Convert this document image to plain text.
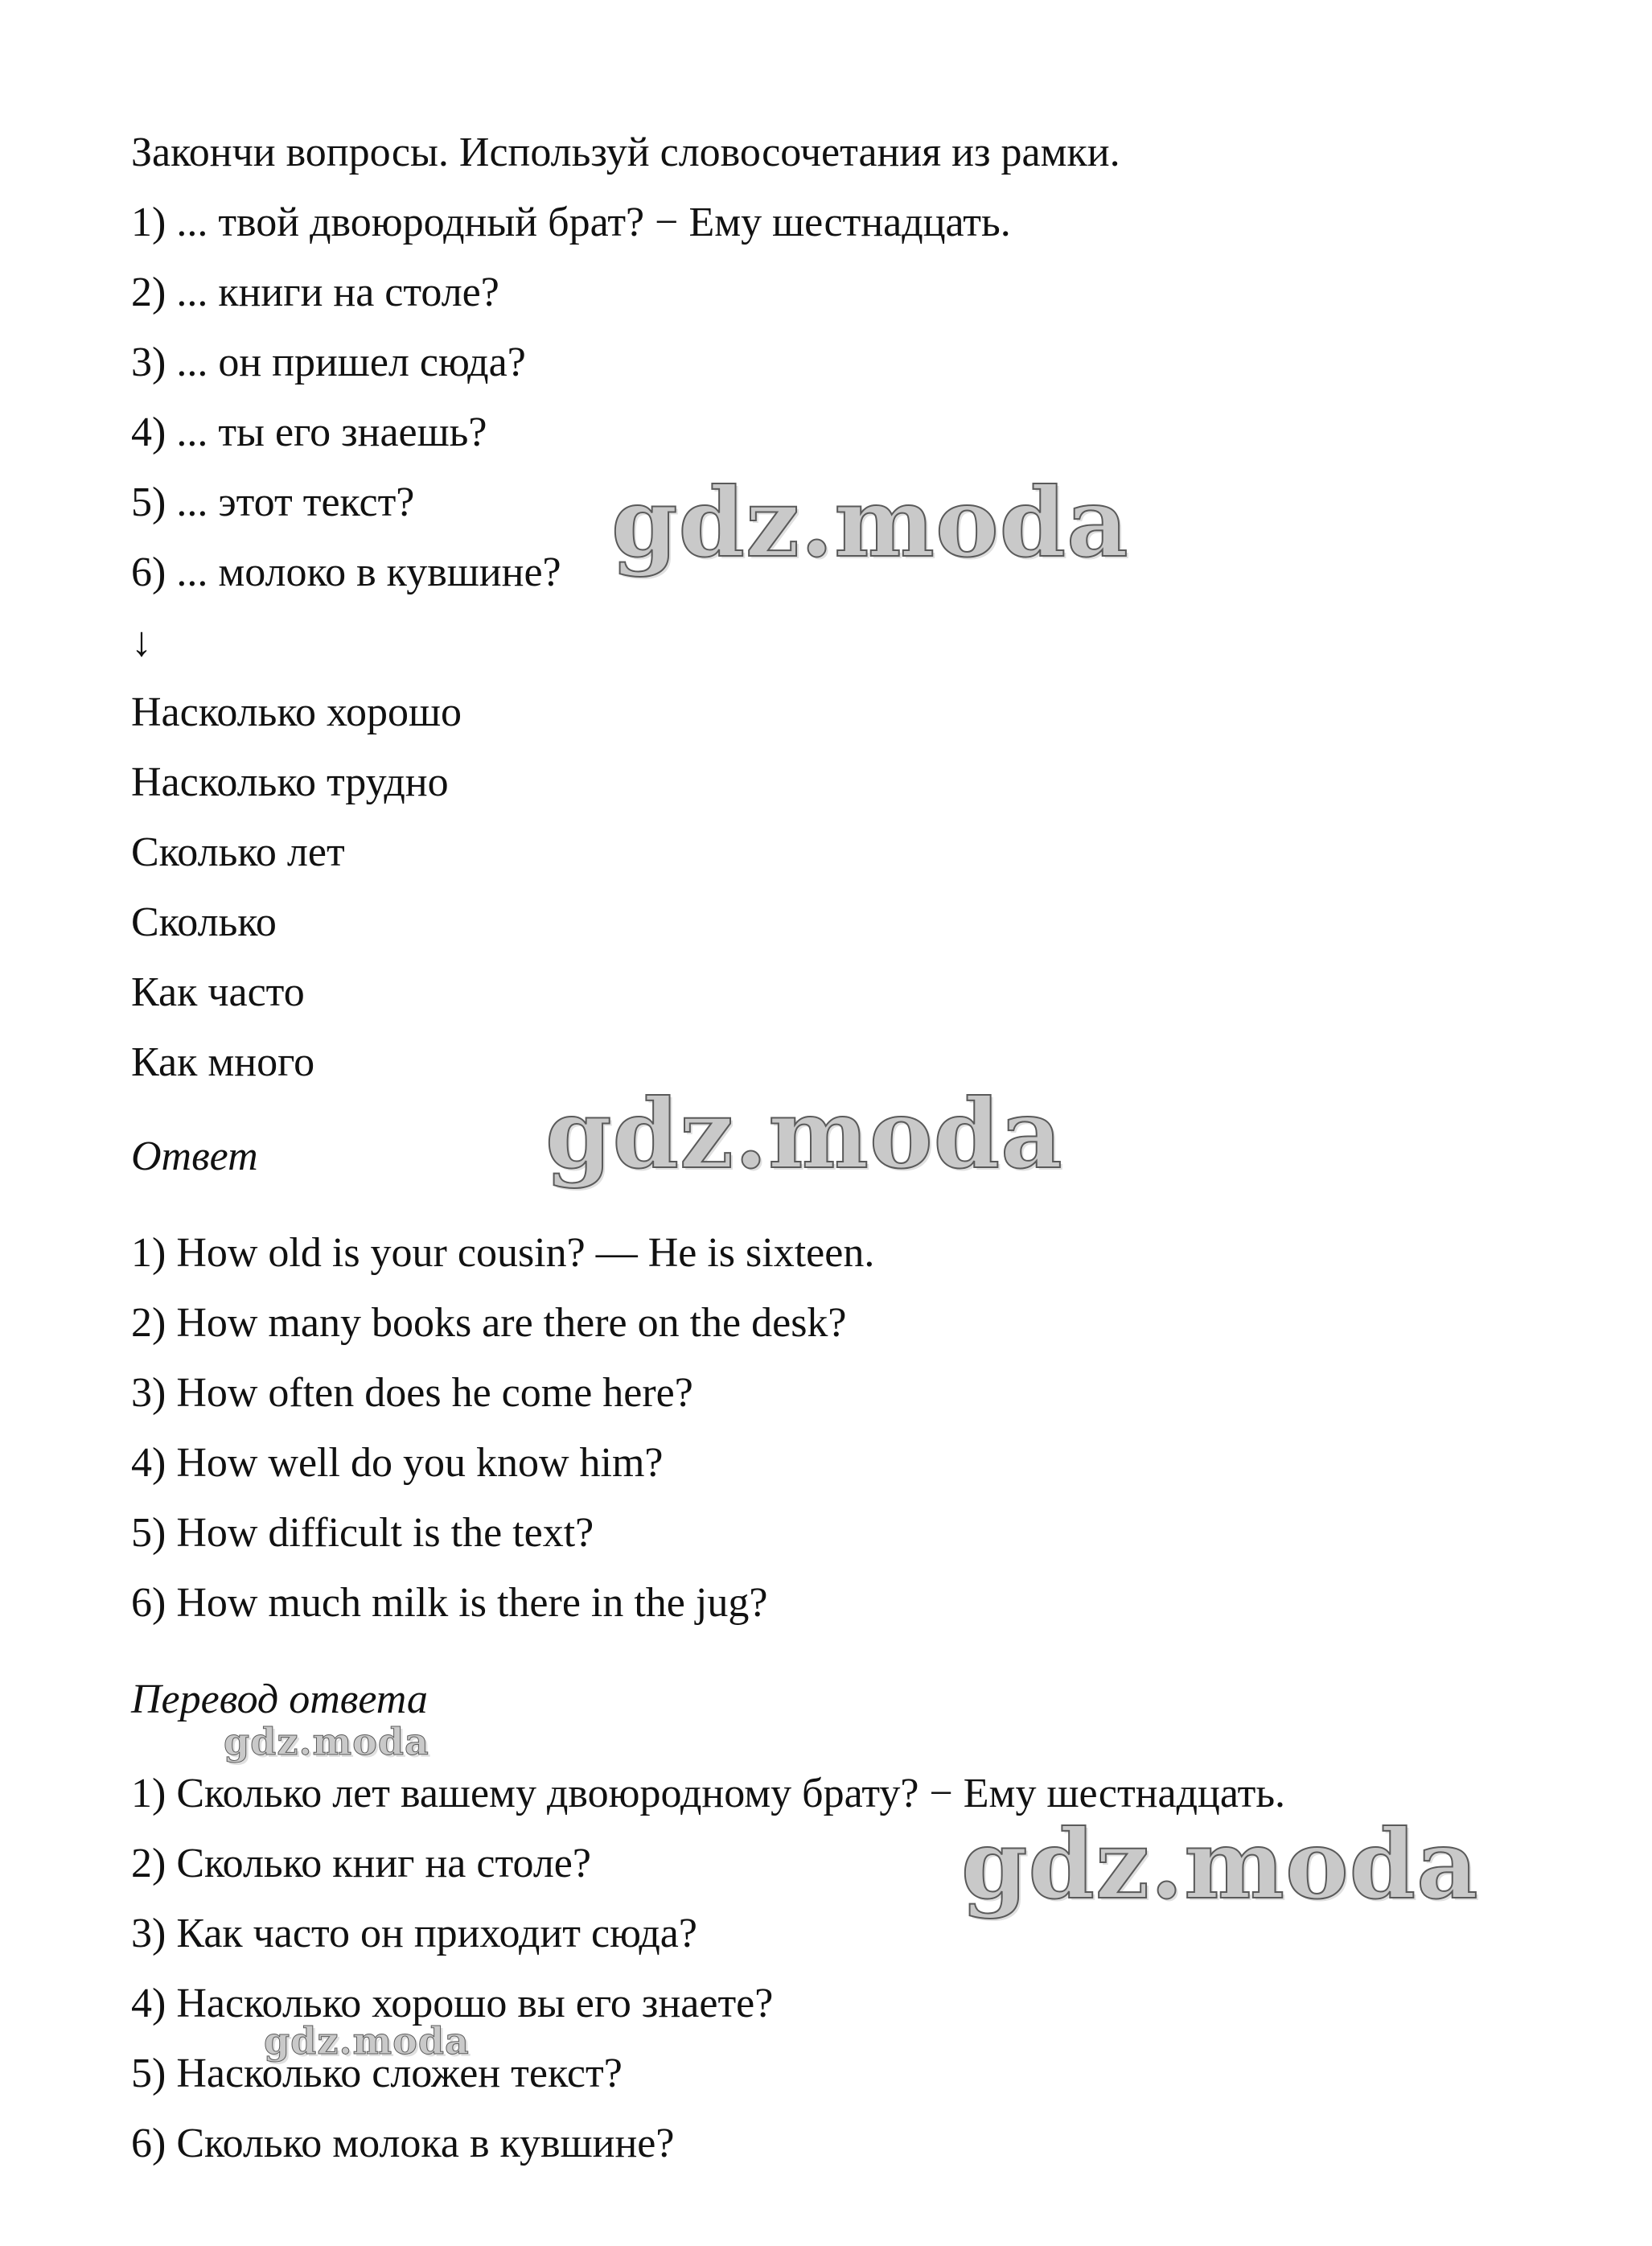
Закончи вопросы. Используй словосочетания из рамки.

1) ... твой двоюродный брат? − Ему шестнадцать.

2) ... книги на столе?

3) ... он пришел сюда?

4) ... ты его знаешь?

5) ... этот текст?

6) ... молоко в кувшине?

↓

Насколько хорошо

Насколько трудно

Сколько лет

Сколько

Как часто

Как много

Ответ

1) How old is your cousin? — He is sixteen.

2) How many books are there on the desk?

3) How often does he come here?

4) How well do you know him?

5) How difficult is the text?

6) How much milk is there in the jug?

Перевод ответа

1) Сколько лет вашему двоюродному брату? − Ему шестнадцать.

2) Сколько книг на столе?

3) Как часто он приходит сюда?

4) Насколько хорошо вы его знаете?

5) Насколько сложен текст?

6) Сколько молока в кувшине?

gdz.moda
gdz.moda
gdz.moda
gdz.moda
gdz.moda
